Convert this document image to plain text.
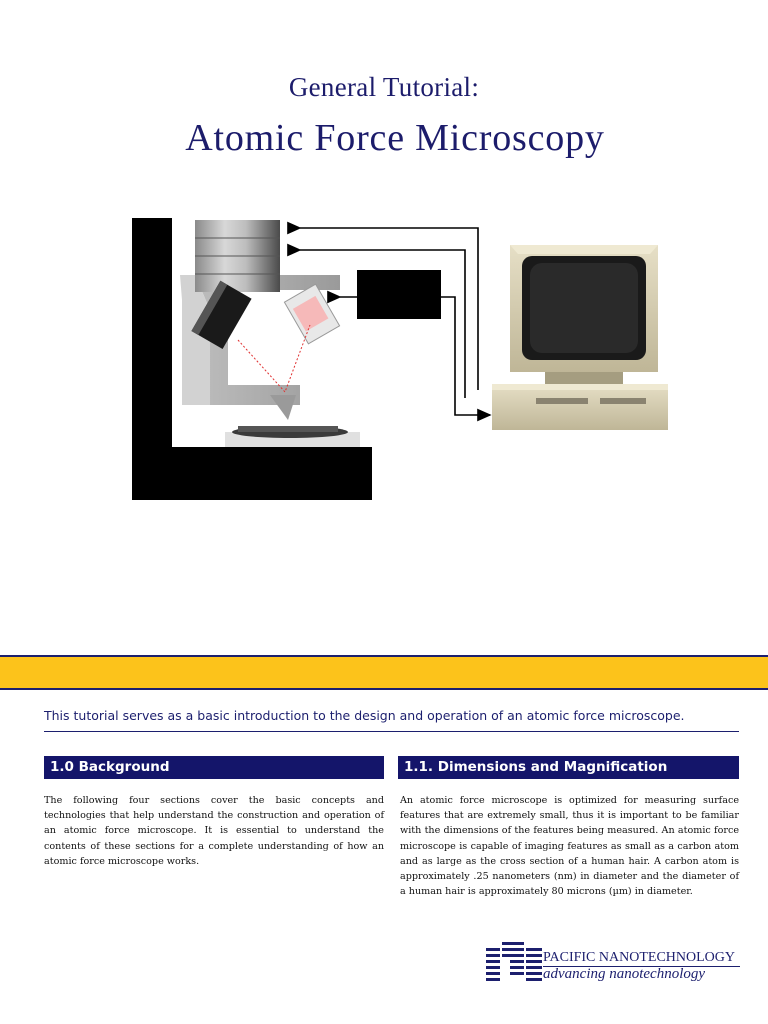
General Tutorial:
Atomic Force Microscopy
This tutorial serves as a basic introduction to the design and operation of an atomic force microscope.
1.0 Background	1.1. Dimensions and Magnification
The following four sections cover the basic concepts and technologies that help understand the construction and operation of an atomic force microscope. It is essential to understand the contents of these sections for a complete understanding of how an atomic force microscope works.
An atomic force microscope is optimized for measuring surface features that are extremely small, thus it is important to be familiar with the dimensions of the features being measured. An atomic force microscope is capable of imaging features as small as a carbon atom and as large as the cross section of a human hair. A carbon atom is approximately .25 nanometers (nm) in diameter and the diameter of a human hair is approximately 80 microns (µm) in diameter.
PACIFIC NANOTECHNOLOGY
advancing nanotechnology
